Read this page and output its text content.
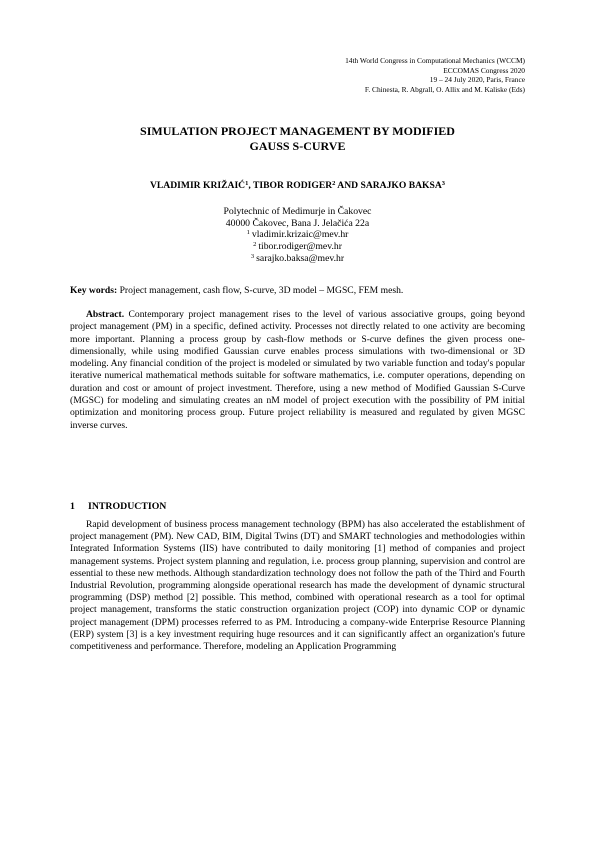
14th World Congress in Computational Mechanics (WCCM)
ECCOMAS Congress 2020
19 – 24 July 2020, Paris, France
F. Chinesta, R. Abgrall, O. Allix and M. Kaliske (Eds)
SIMULATION PROJECT MANAGEMENT BY MODIFIED
GAUSS S-CURVE
VLADIMIR KRIŽAIĆ$^1$, TIBOR RODIGER$^2$ AND SARAJKO BAKSA$^3$
Polytechnic of Medimurje in Čakovec
40000 Čakovec, Bana J. Jelačića 22a
$^1$ vladimir.krizaic@mev.hr
$^2$ tibor.rodiger@mev.hr
$^3$ sarajko.baksa@mev.hr
Key words: Project management, cash flow, S-curve, 3D model – MGSC, FEM mesh.

Abstract. Contemporary project management rises to the level of various associative groups, going beyond project management (PM) in a specific, defined activity. Processes not directly related to one activity are becoming more important. Planning a process group by cash-flow methods or S-curve defines the given process one-dimensionally, while using modified Gaussian curve enables process simulations with two-dimensional or 3D modeling. Any financial condition of the project is modeled or simulated by two variable function and today's popular iterative numerical mathematical methods suitable for software mathematics, i.e. computer operations, depending on duration and cost or amount of project investment. Therefore, using a new method of Modified Gaussian S-Curve (MGSC) for modeling and simulating creates an nM model of project execution with the possibility of PM initial optimization and monitoring process group. Future project reliability is measured and regulated by given MGSC inverse curves.

1 INTRODUCTION

Rapid development of business process management technology (BPM) has also accelerated the establishment of project management (PM). New CAD, BIM, Digital Twins (DT) and SMART technologies and methodologies within Integrated Information Systems (IIS) have contributed to daily monitoring [1] method of companies and project management systems. Project system planning and regulation, i.e. process group planning, supervision and control are essential to these new methods. Although standardization technology does not follow the path of the Third and Fourth Industrial Revolution, programming alongside operational research has made the development of dynamic structural programming (DSP) method [2] possible. This method, combined with operational research as a tool for optimal project management, transforms the static construction organization project (COP) into dynamic COP or dynamic project management (DPM) processes referred to as PM. Introducing a company-wide Enterprise Resource Planning (ERP) system [3] is a key investment requiring huge resources and it can significantly affect an organization's future competitiveness and performance. Therefore, modeling an Application Programming
